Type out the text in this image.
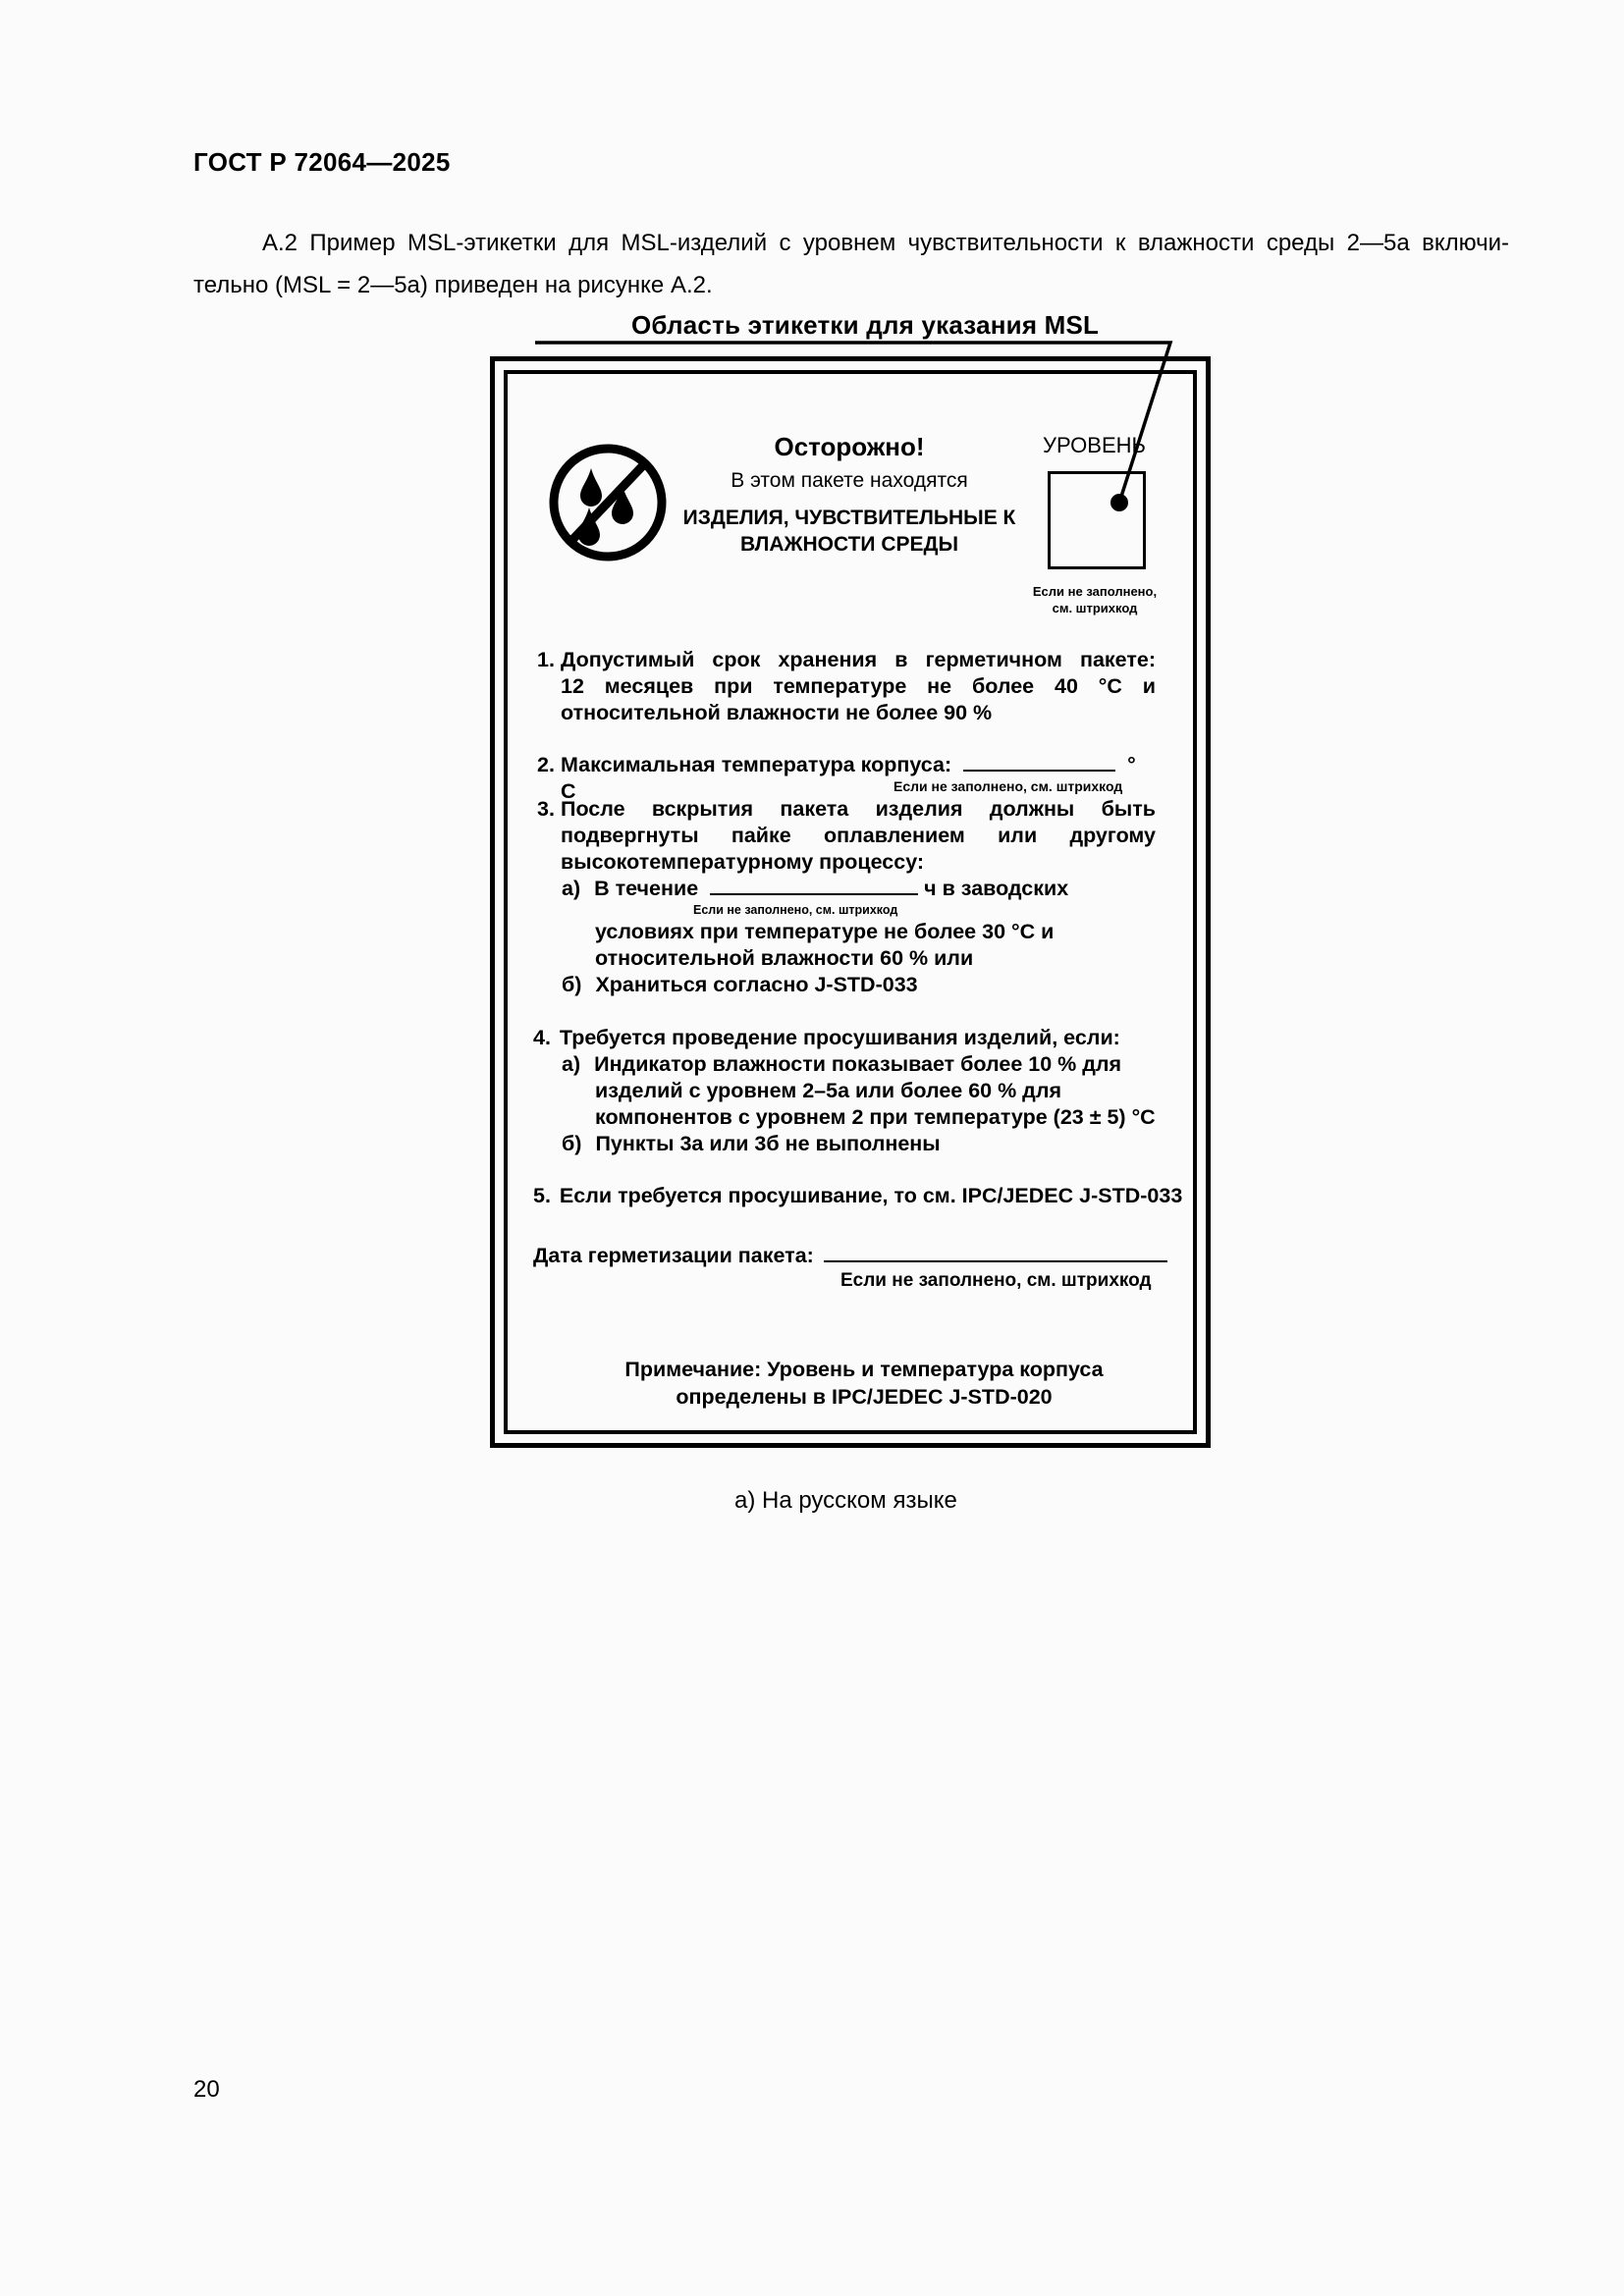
ГОСТ Р 72064—2025
А.2 Пример MSL-этикетки для MSL-изделий с уровнем чувствительности к влажности среды 2—5а включи-
тельно (MSL = 2—5а) приведен на рисунке А.2.
Область этикетки для указания MSL
Осторожно!
В этом пакете находятся
ИЗДЕЛИЯ, ЧУВСТВИТЕЛЬНЫЕ К
ВЛАЖНОСТИ СРЕДЫ
УРОВЕНЬ
Если не заполнено,
см. штрихкод
1. Допустимый срок хранения в герметичном пакете:
12 месяцев при температуре не более 40 °С и
относительной влажности не более 90 %
2. Максимальная температура корпуса:	° С	Если не заполнено, см. штрихкод
3. После вскрытия пакета изделия должны быть
подвергнуты пайке оплавлением или другому
высокотемпературному процессу:
а) В течение	ч в заводских
Если не заполнено, см. штрихкод
условиях при температуре не более 30 °С и
относительной влажности 60 % или
б) Храниться согласно J-STD-033
4. Требуется проведение просушивания изделий, если:
а) Индикатор влажности показывает более 10 % для
изделий с уровнем 2–5а или более 60 % для
компонентов с уровнем 2 при температуре (23 ± 5) °С
б) Пункты 3а или 3б не выполнены
5. Если требуется просушивание, то см. IPC/JEDEC J-STD-033
Дата герметизации пакета:
Если не заполнено, см. штрихкод
Примечание: Уровень и температура корпуса
определены в IPC/JEDEC J-STD-020
а) На русском языке
20
